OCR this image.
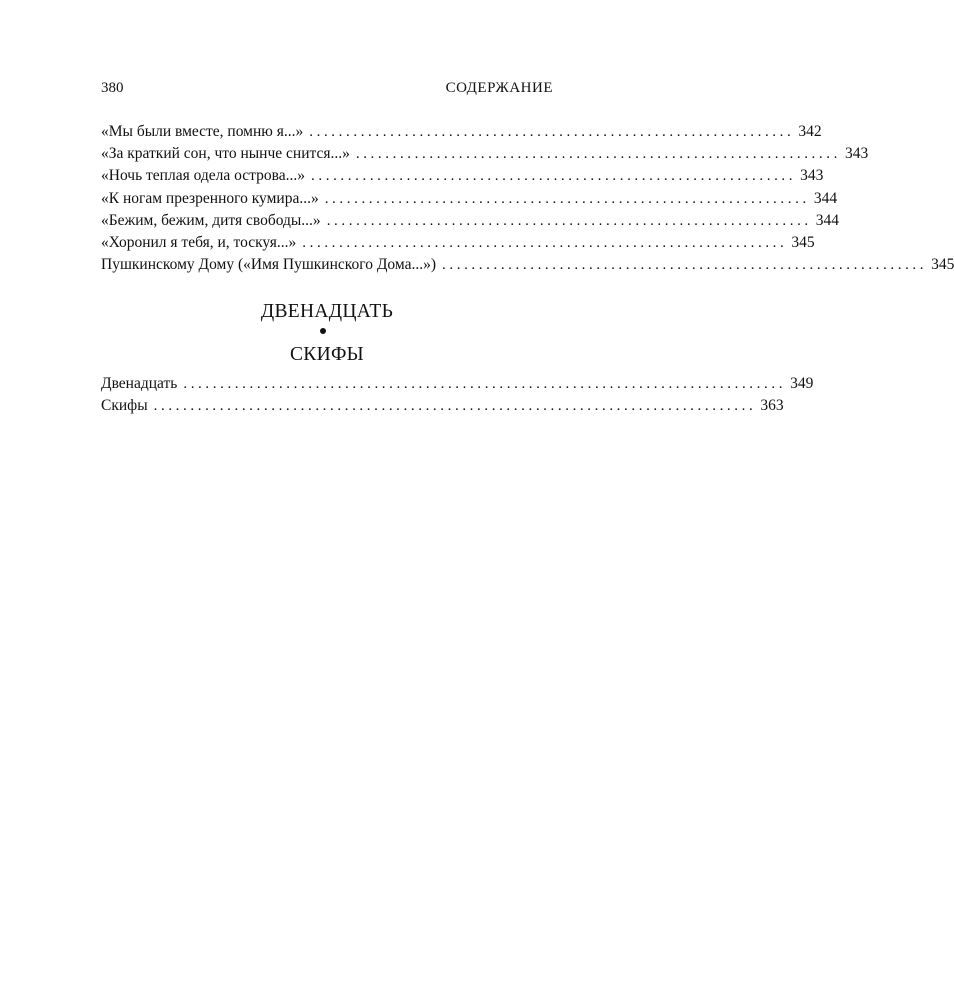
380	СОДЕРЖАНИЕ
«Мы были вместе, помню я...» .................................................................. 342
«За краткий сон, что нынче снится...» .................................................................. 343
«Ночь теплая одела острова...» .................................................................. 343
«К ногам презренного кумира...» .................................................................. 344
«Бежим, бежим, дитя свободы...» .................................................................. 344
«Хоронил я тебя, и, тоскуя...» .................................................................. 345
Пушкинскому Дому («Имя Пушкинского Дома...») .................................................................. 345
ДВЕНАДЦАТЬ
СКИФЫ
Двенадцать .................................................................................. 349
Скифы .................................................................................. 363
